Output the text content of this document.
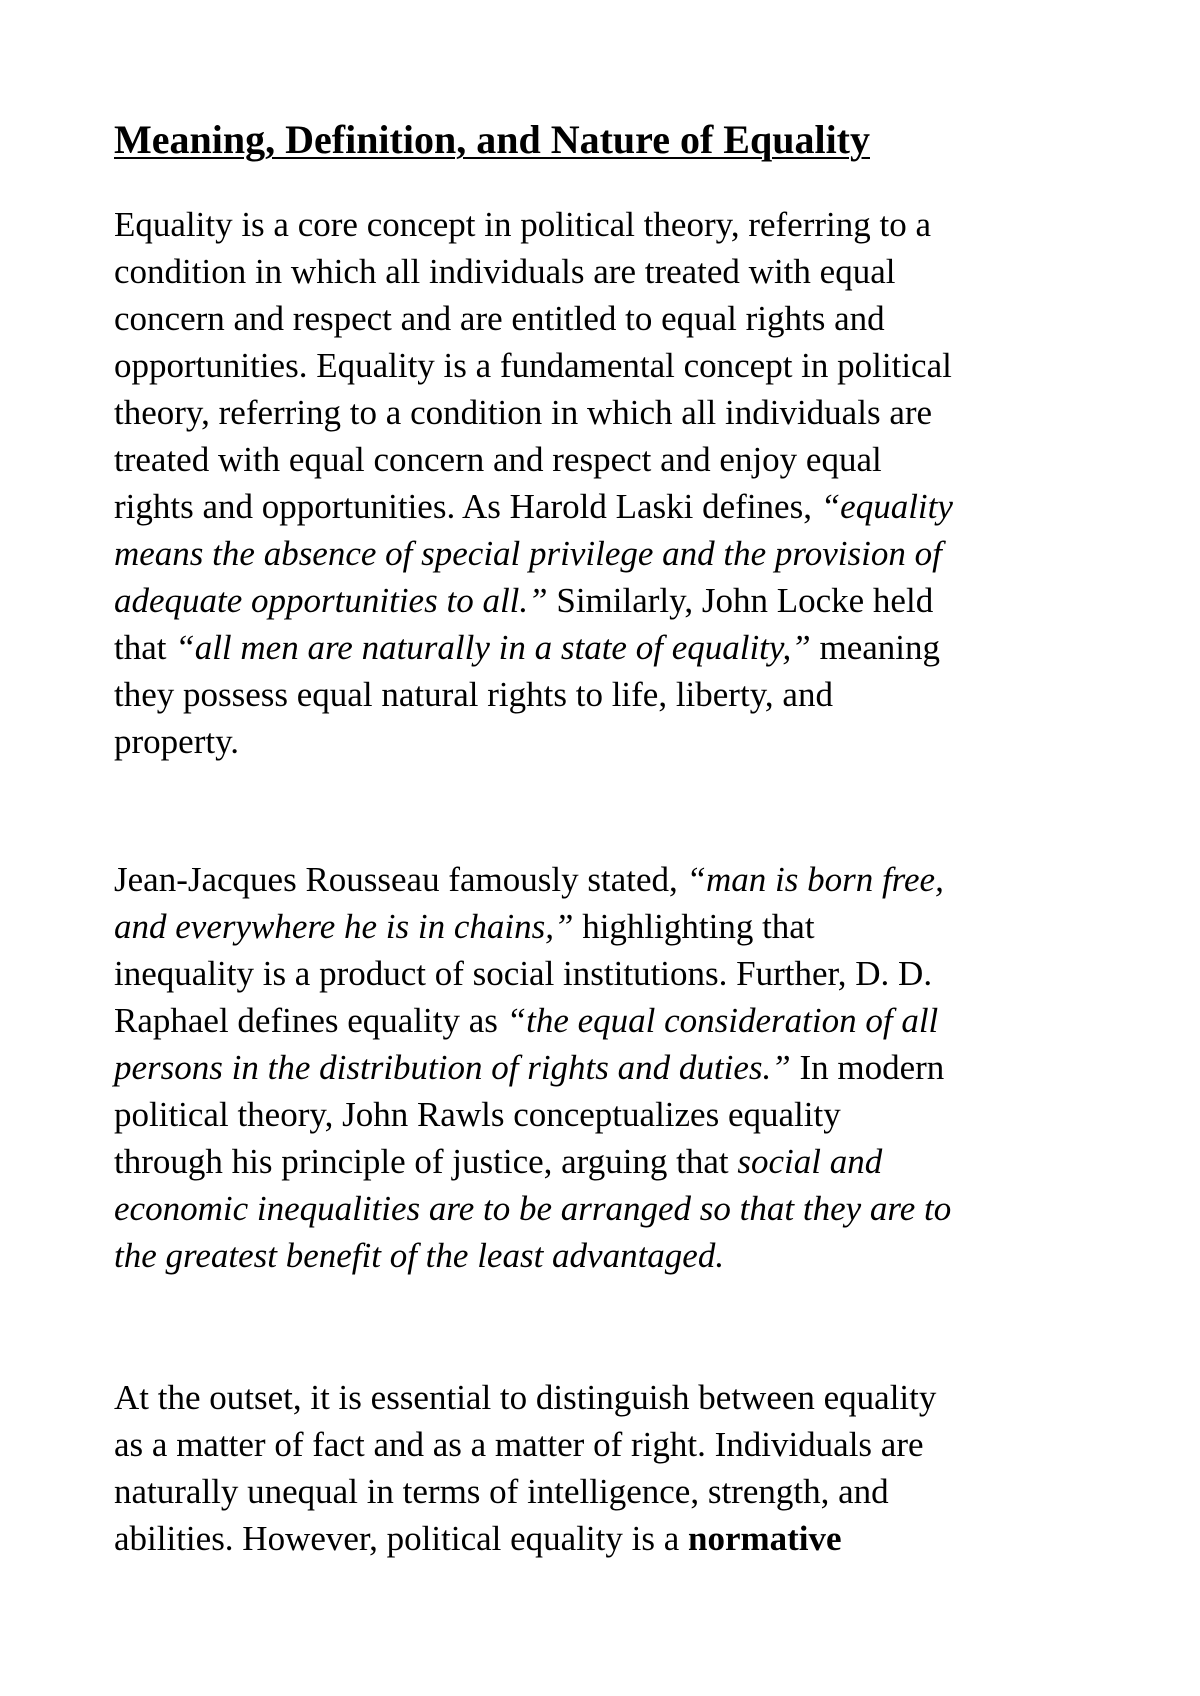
Meaning, Definition, and Nature of Equality

Equality is a core concept in political theory, referring to a
condition in which all individuals are treated with equal
concern and respect and are entitled to equal rights and
opportunities. Equality is a fundamental concept in political
theory, referring to a condition in which all individuals are
treated with equal concern and respect and enjoy equal
rights and opportunities. As Harold Laski defines, “equality
means the absence of special privilege and the provision of
adequate opportunities to all.” Similarly, John Locke held
that “all men are naturally in a state of equality,” meaning
they possess equal natural rights to life, liberty, and
property.

Jean-Jacques Rousseau famously stated, “man is born free,
and everywhere he is in chains,” highlighting that
inequality is a product of social institutions. Further, D. D.
Raphael defines equality as “the equal consideration of all
persons in the distribution of rights and duties.” In modern
political theory, John Rawls conceptualizes equality
through his principle of justice, arguing that social and
economic inequalities are to be arranged so that they are to
the greatest benefit of the least advantaged.

At the outset, it is essential to distinguish between equality
as a matter of fact and as a matter of right. Individuals are
naturally unequal in terms of intelligence, strength, and
abilities. However, political equality is a normative
